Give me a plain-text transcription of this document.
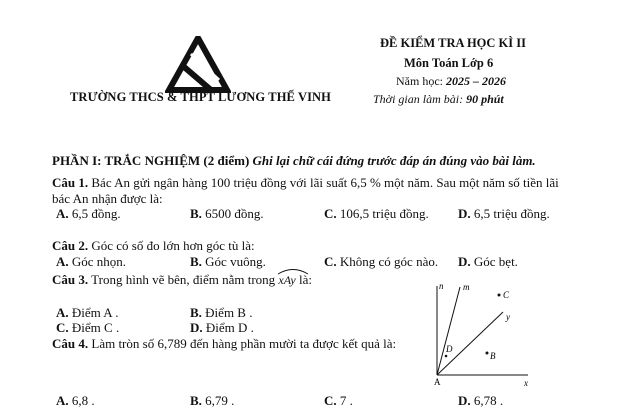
TRƯỜNG THCS & THPT LƯƠNG THẾ VINH
ĐỀ KIỂM TRA HỌC KÌ II
Môn Toán Lớp 6
Năm học: 2025 – 2026
Thời gian làm bài: 90 phút
PHẦN I: TRẮC NGHIỆM (2 điểm) Ghi lại chữ cái đứng trước đáp án đúng vào bài làm.
Câu 1. Bác An gửi ngân hàng 100 triệu đồng với lãi suất 6,5 % một năm. Sau một năm số tiền lãi
bác An nhận được là:
A. 6,5 đồng.	B. 6500 đồng.	C. 106,5 triệu đồng. D. 6,5 triệu đồng.
Câu 2. Góc có số đo lớn hơn góc tù là:
A. Góc nhọn.	B. Góc vuông.	C. Không có góc nào. D. Góc bẹt.
Câu 3. Trong hình vẽ bên, điểm nằm trong
xAy là:
A. Điểm A .	B. Điểm B .
C. Điểm C .	D. Điểm D .
Câu 4. Làm tròn số 6,789 đến hàng phần mười ta được kết quả là:
A. 6,8 .	B. 6,79 .	C. 7 .	D. 6,78 .
n m
C
y
D
B
A	x
